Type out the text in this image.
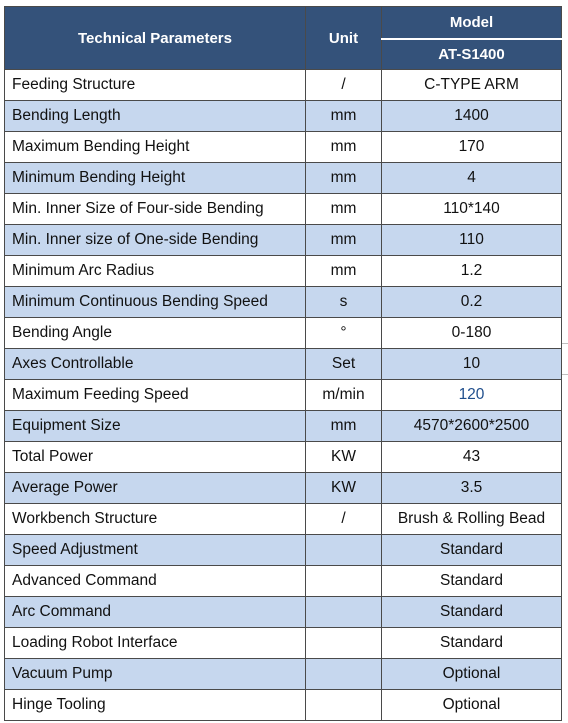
Technical Parameters	Unit	Model
		AT-S1400
Feeding Structure	/	C-TYPE ARM
Bending Length	mm	1400
Maximum Bending Height	mm	170
Minimum Bending Height	mm	4
Min. Inner Size of Four-side Bending	mm	110*140
Min. Inner size of One-side Bending	mm	110
Minimum Arc Radius	mm	1.2
Minimum Continuous Bending Speed	s	0.2
Bending Angle	°	0-180
Axes Controllable	Set	10
Maximum Feeding Speed	m/min	120
Equipment Size	mm	4570*2600*2500
Total Power	KW	43
Average Power	KW	3.5
Workbench Structure	/	Brush & Rolling Bead
Speed Adjustment		Standard
Advanced Command		Standard
Arc Command		Standard
Loading Robot Interface		Standard
Vacuum Pump		Optional
Hinge Tooling		Optional
